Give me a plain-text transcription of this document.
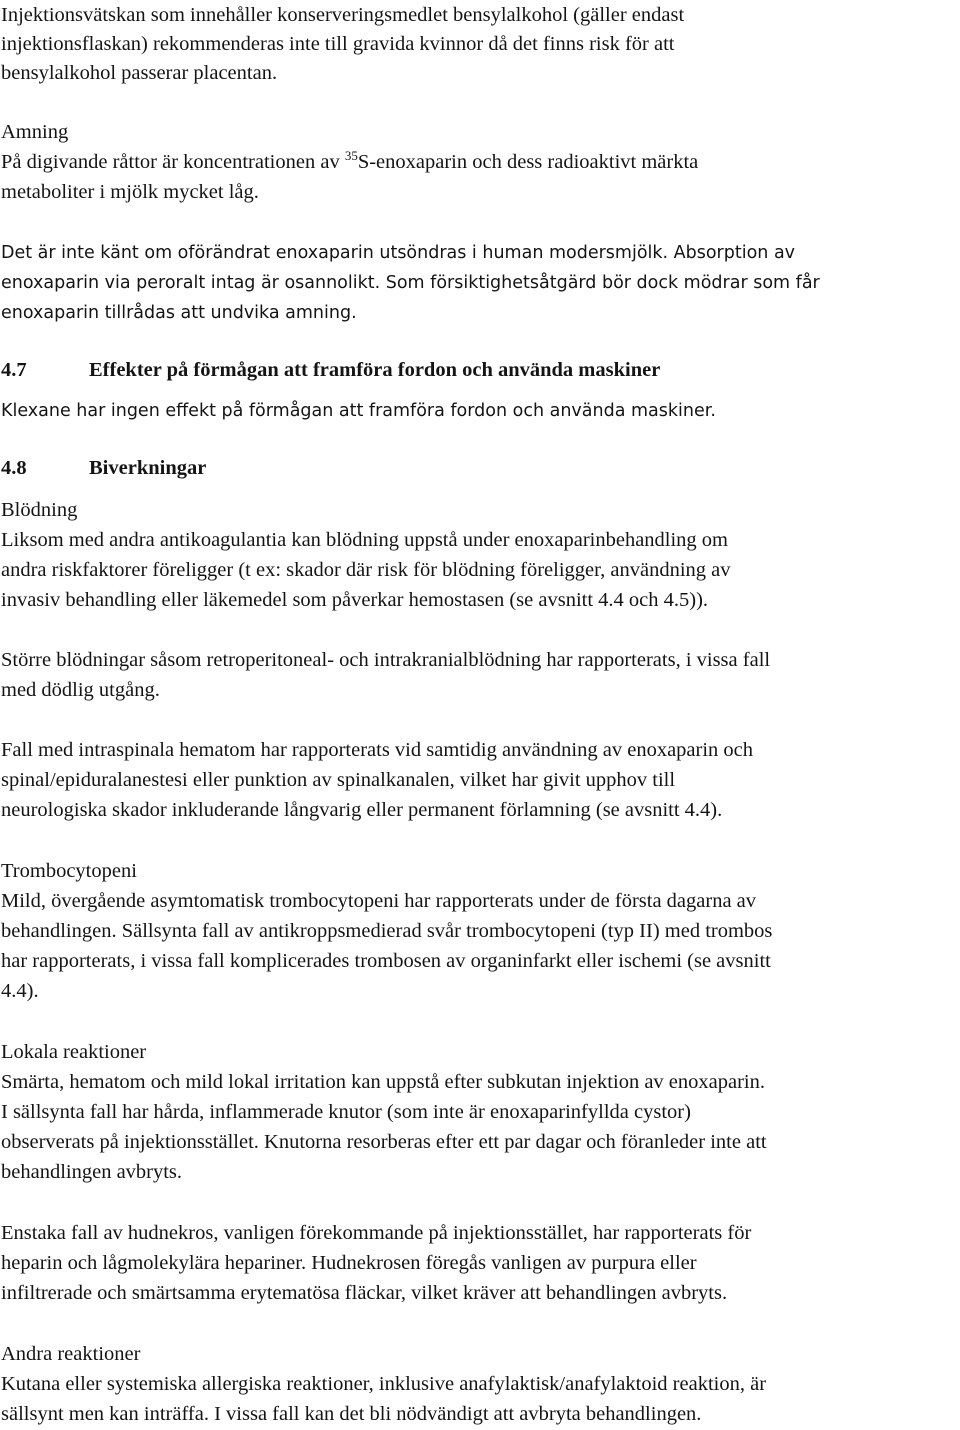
Injektionsvätskan som innehåller konserveringsmedlet bensylalkohol (gäller endast
injektionsflaskan) rekommenderas inte till gravida kvinnor då det finns risk för att
bensylalkohol passerar placentan.
Amning
På digivande råttor är koncentrationen av $^{35}$S-enoxaparin och dess radioaktivt märkta
metaboliter i mjölk mycket låg.
Det är inte känt om oförändrat enoxaparin utsöndras i human modersmjölk. Absorption av
enoxaparin via peroralt intag är osannolikt. Som försiktighetsåtgärd bör dock mödrar som får
enoxaparin tillrådas att undvika amning.
4.7	Effekter på förmågan att framföra fordon och använda maskiner
Klexane har ingen effekt på förmågan att framföra fordon och använda maskiner.
4.8	Biverkningar
Blödning
Liksom med andra antikoagulantia kan blödning uppstå under enoxaparinbehandling om
andra riskfaktorer föreligger (t ex: skador där risk för blödning föreligger, användning av
invasiv behandling eller läkemedel som påverkar hemostasen (se avsnitt 4.4 och 4.5)).
Större blödningar såsom retroperitoneal- och intrakranialblödning har rapporterats, i vissa fall
med dödlig utgång.
Fall med intraspinala hematom har rapporterats vid samtidig användning av enoxaparin och
spinal/epiduralanestesi eller punktion av spinalkanalen, vilket har givit upphov till
neurologiska skador inkluderande långvarig eller permanent förlamning (se avsnitt 4.4).
Trombocytopeni
Mild, övergående asymtomatisk trombocytopeni har rapporterats under de första dagarna av
behandlingen. Sällsynta fall av antikroppsmedierad svår trombocytopeni (typ II) med trombos
har rapporterats, i vissa fall komplicerades trombosen av organinfarkt eller ischemi (se avsnitt
4.4).
Lokala reaktioner
Smärta, hematom och mild lokal irritation kan uppstå efter subkutan injektion av enoxaparin.
I sällsynta fall har hårda, inflammerade knutor (som inte är enoxaparinfyllda cystor)
observerats på injektionsstället. Knutorna resorberas efter ett par dagar och föranleder inte att
behandlingen avbryts.
Enstaka fall av hudnekros, vanligen förekommande på injektionsstället, har rapporterats för
heparin och lågmolekylära hepariner. Hudnekrosen föregås vanligen av purpura eller
infiltrerade och smärtsamma erytematösa fläckar, vilket kräver att behandlingen avbryts.
Andra reaktioner
Kutana eller systemiska allergiska reaktioner, inklusive anafylaktisk/anafylaktoid reaktion, är
sällsynt men kan inträffa. I vissa fall kan det bli nödvändigt att avbryta behandlingen.
